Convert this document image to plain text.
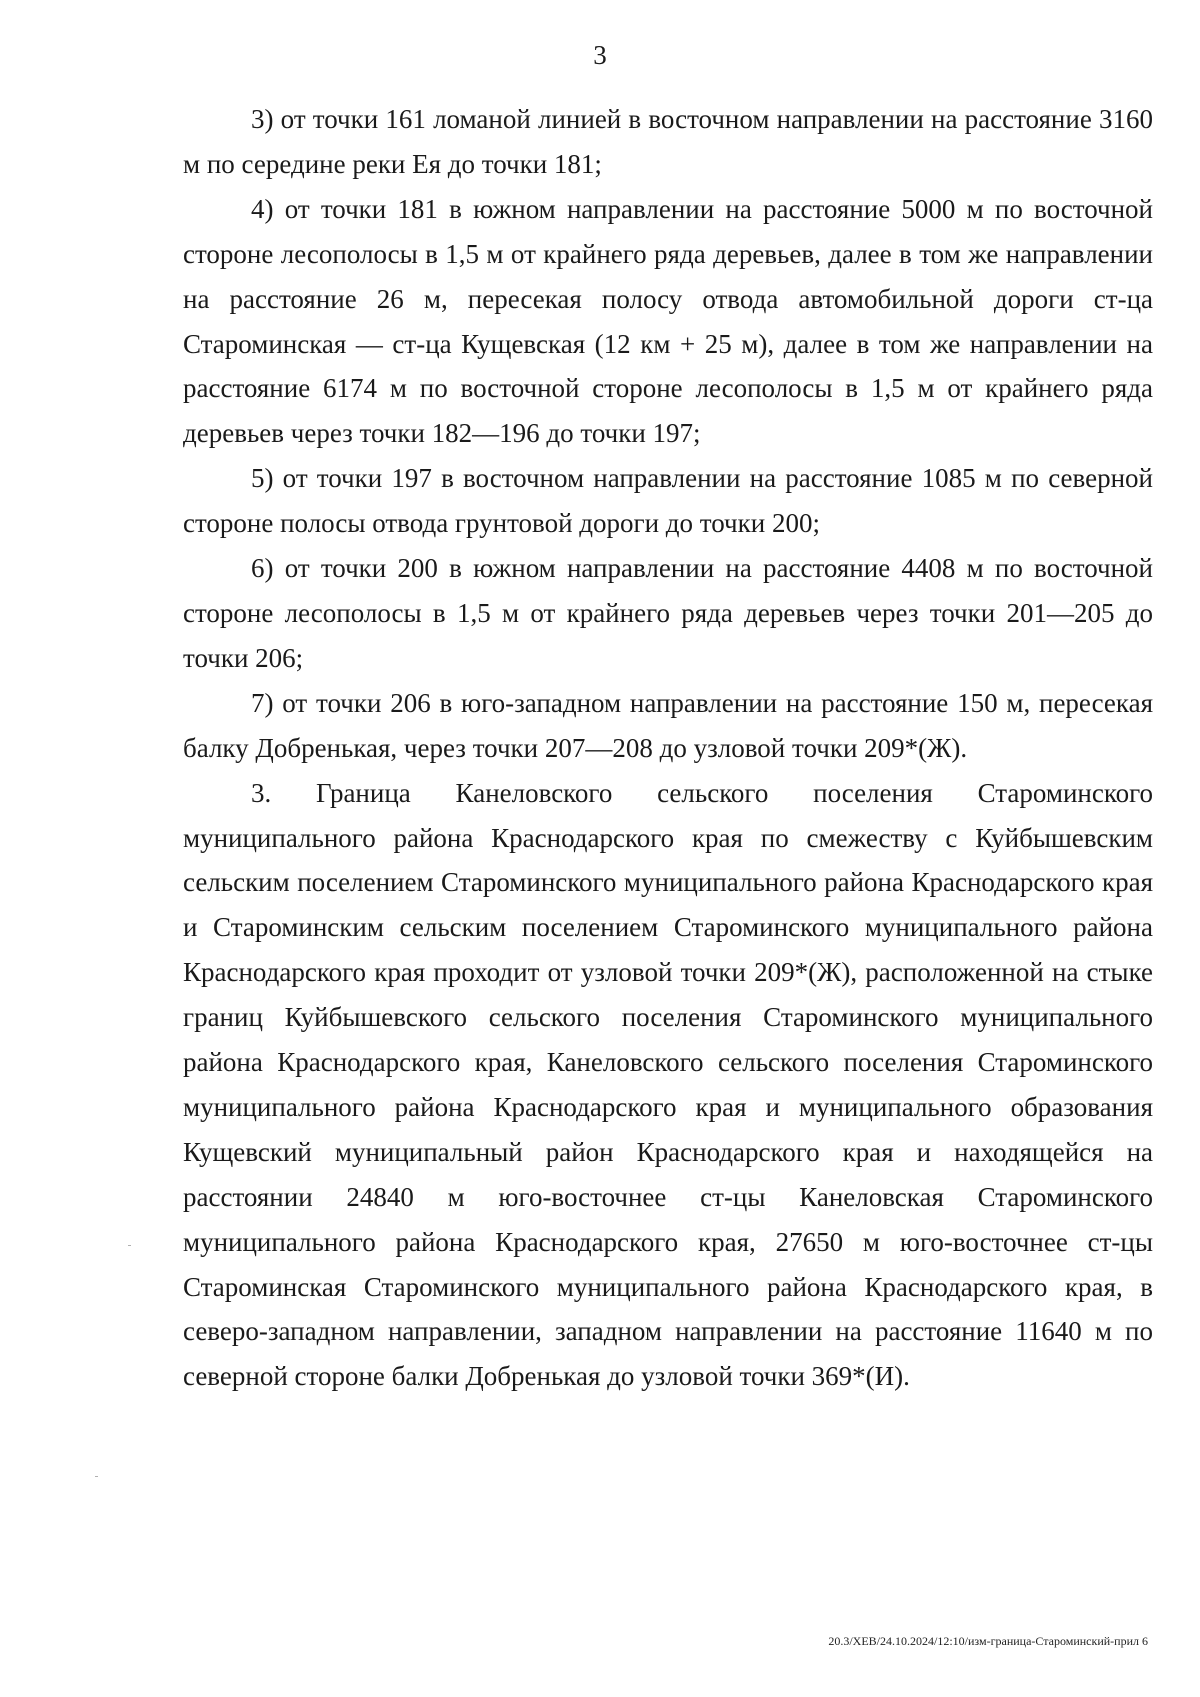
3

3) от точки 161 ломаной линией в восточном направлении на расстояние 3160 м по середине реки Ея до точки 181;

4) от точки 181 в южном направлении на расстояние 5000 м по восточной стороне лесополосы в 1,5 м от крайнего ряда деревьев, далее в том же направлении на расстояние 26 м, пересекая полосу отвода автомобильной дороги ст-ца Староминская — ст-ца Кущевская (12 км + 25 м), далее в том же направлении на расстояние 6174 м по восточной стороне лесополосы в 1,5 м от крайнего ряда деревьев через точки 182—196 до точки 197;

5) от точки 197 в восточном направлении на расстояние 1085 м по северной стороне полосы отвода грунтовой дороги до точки 200;

6) от точки 200 в южном направлении на расстояние 4408 м по восточной стороне лесополосы в 1,5 м от крайнего ряда деревьев через точки 201—205 до точки 206;

7) от точки 206 в юго-западном направлении на расстояние 150 м, пересекая балку Добренькая, через точки 207—208 до узловой точки 209*(Ж).

3. Граница Канеловского сельского поселения Староминского муниципального района Краснодарского края по смежеству с Куйбышевским сельским поселением Староминского муниципального района Краснодарского края и Староминским сельским поселением Староминского муниципального района Краснодарского края проходит от узловой точки 209*(Ж), расположенной на стыке границ Куйбышевского сельского поселения Староминского муниципального района Краснодарского края, Канеловского сельского поселения Староминского муниципального района Краснодарского края и муниципального образования Кущевский муниципальный район Краснодарского края и находящейся на расстоянии 24840 м юго-восточнее ст-цы Канеловская Староминского муниципального района Краснодарского края, 27650 м юго-восточнее ст-цы Староминская Староминского муниципального района Краснодарского края, в северо-западном направлении, западном направлении на расстояние 11640 м по северной стороне балки Добренькая до узловой точки 369*(И).

20.3/ХЕВ/24.10.2024/12:10/изм-граница-Староминский-прил 6
